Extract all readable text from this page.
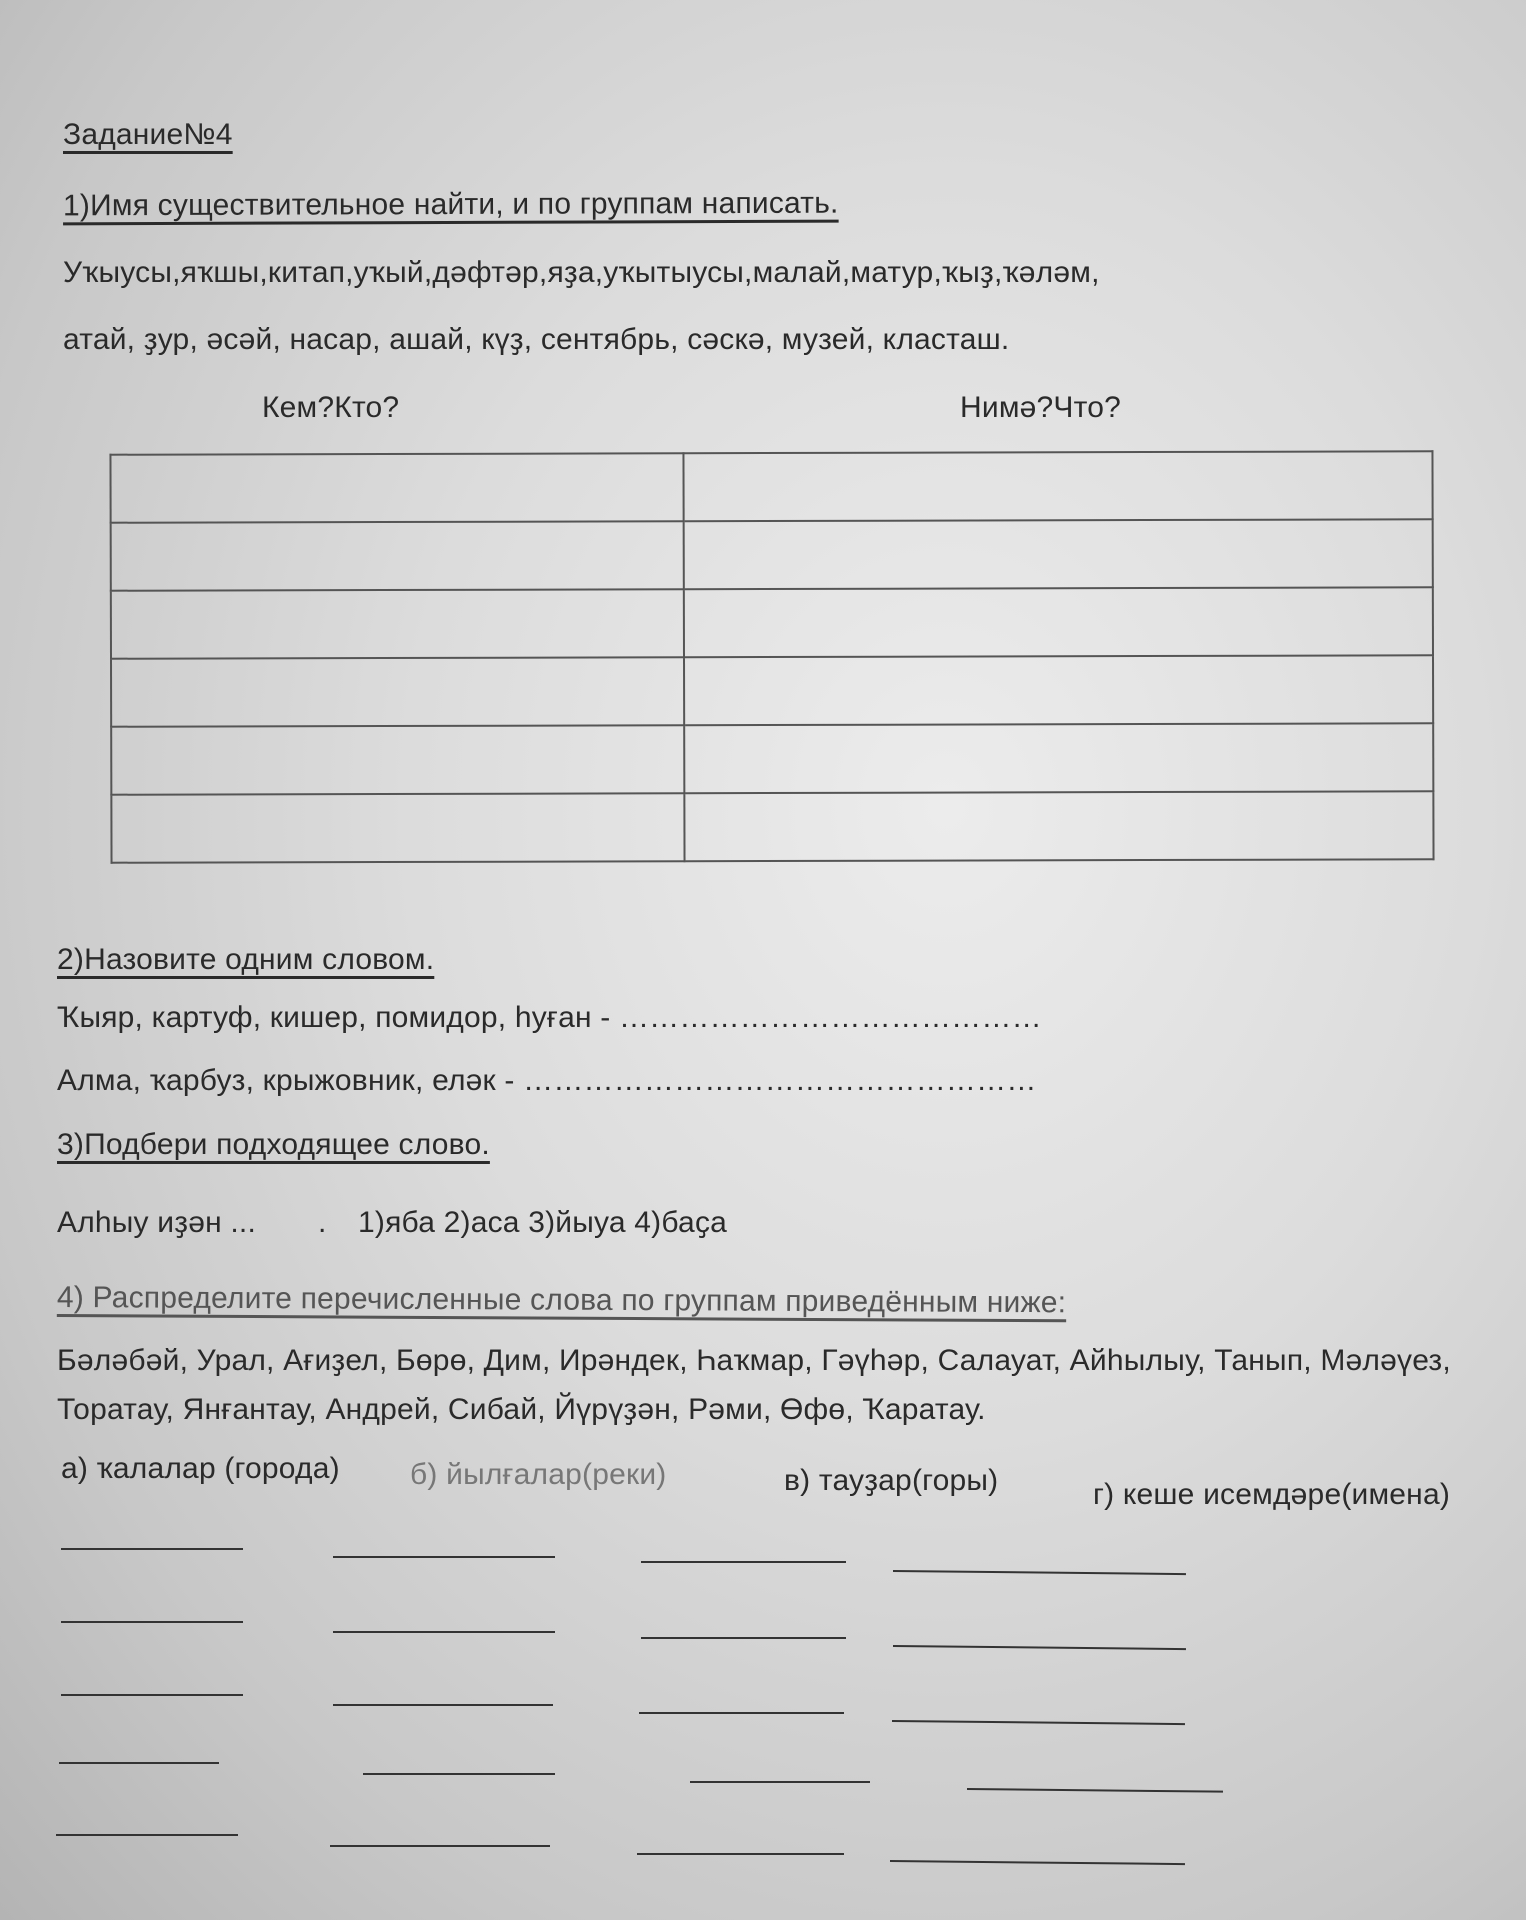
Задание№4
1)Имя существительное найти, и по группам написать.
Уҡыусы,яҡшы,китап,уҡый,дәфтәр,яҙа,уҡытыусы,малай,матур,ҡыҙ,ҡәләм,
атай, ҙур, әсәй, насар, ашай, күҙ, сентябрь, сәскә, музей, класташ.
Кем?Кто?	Нимә?Что?

2)Назовите одним словом.
Ҡыяр, картуф, кишер, помидор, һуған - ……………………………………
Алма, ҡарбуз, крыжовник, еләк - ……………………………………………
3)Подбери подходящее слово.
Алһыу иҙән ... . 1)яба 2)аса 3)йыуа 4)баҫа
4) Распределите перечисленные слова по группам приведённым ниже:
Бәләбәй, Урал, Ағиҙел, Бөрө, Дим, Ирәндек, Һаҡмар, Гәүһәр, Салауат, Айһылыу, Танып, Мәләүез,
Торатау, Янғантау, Андрей, Сибай, Йүрүҙән, Рәми, Өфө, Ҡаратау.
а) ҡалалар (города) б) йылғалар(реки)	в) тауҙар(горы)	г) кеше исемдәре(имена)
